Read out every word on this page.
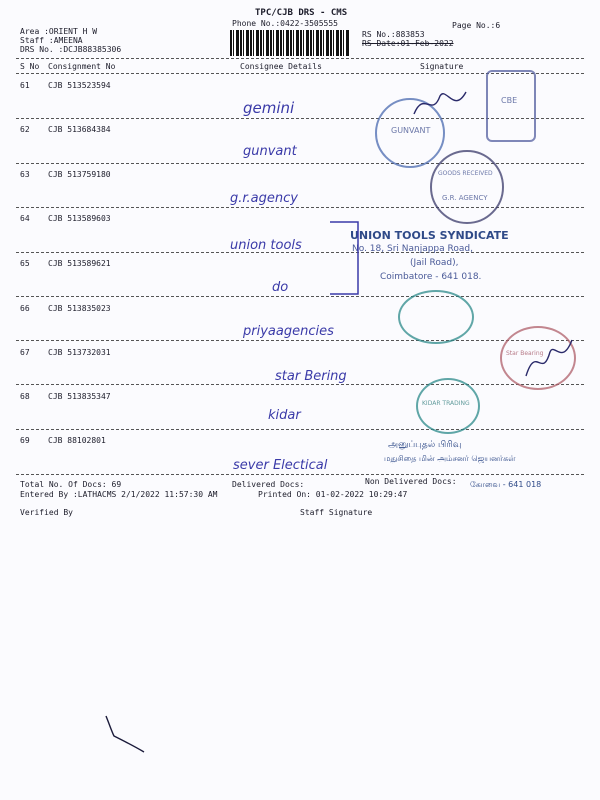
TPC/CJB DRS - CMS
Phone No.:0422-3505555
Area :ORIENT H W
Staff :AMEENA
DRS No. :DCJB88385306
Page No.:6
RS No.:883853
RS Date:01-Feb-2022
S No Consignment No	Consignee Details	Signature
61 CJB 513523594
gemini
62 CJB 513684384
gunvant
63 CJB 513759180
g.r.agency
64 CJB 513589603
union tools
65 CJB 513589621
do
66 CJB 513835023
priyaagencies
67 CJB 513732031
star Bering
68 CJB 513835347
kidar
69 CJB 88102801
sever Electical
GUNVANT
CBE
GOODS RECEIVED
G.R. AGENCY
UNION TOOLS SYNDICATE
No. 18, Sri Nanjappa Road,
(Jail Road),
Coimbatore - 641 018.
Star Bearing
KIDAR TRADING
அனுப்புதல் பிரிவு
மதுசிதை மின் அம்சனர் ஜெயனர்கள்
கோவை - 641 018
Total No. Of Docs: 69	Delivered Docs:	Non Delivered Docs:
Entered By :LATHACMS 2/1/2022 11:57:30 AM	Printed On: 01-02-2022 10:29:47
Verified By	Staff Signature
